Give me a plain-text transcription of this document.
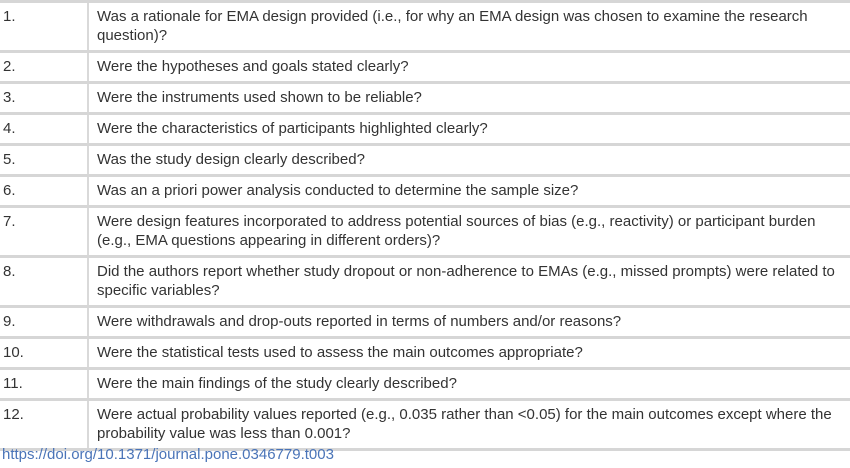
1.	Was a rationale for EMA design provided (i.e., for why an EMA design was chosen to examine the research question)?
2.	Were the hypotheses and goals stated clearly?
3.	Were the instruments used shown to be reliable?
4.	Were the characteristics of participants highlighted clearly?
5.	Was the study design clearly described?
6.	Was an a priori power analysis conducted to determine the sample size?
7.	Were design features incorporated to address potential sources of bias (e.g., reactivity) or participant burden (e.g., EMA questions appearing in different orders)?
8.	Did the authors report whether study dropout or non-adherence to EMAs (e.g., missed prompts) were related to specific variables?
9.	Were withdrawals and drop-outs reported in terms of numbers and/or reasons?
10.	Were the statistical tests used to assess the main outcomes appropriate?
11.	Were the main findings of the study clearly described?
12.	Were actual probability values reported (e.g., 0.035 rather than <0.05) for the main outcomes except where the probability value was less than 0.001?
https://doi.org/10.1371/journal.pone.0346779.t003
